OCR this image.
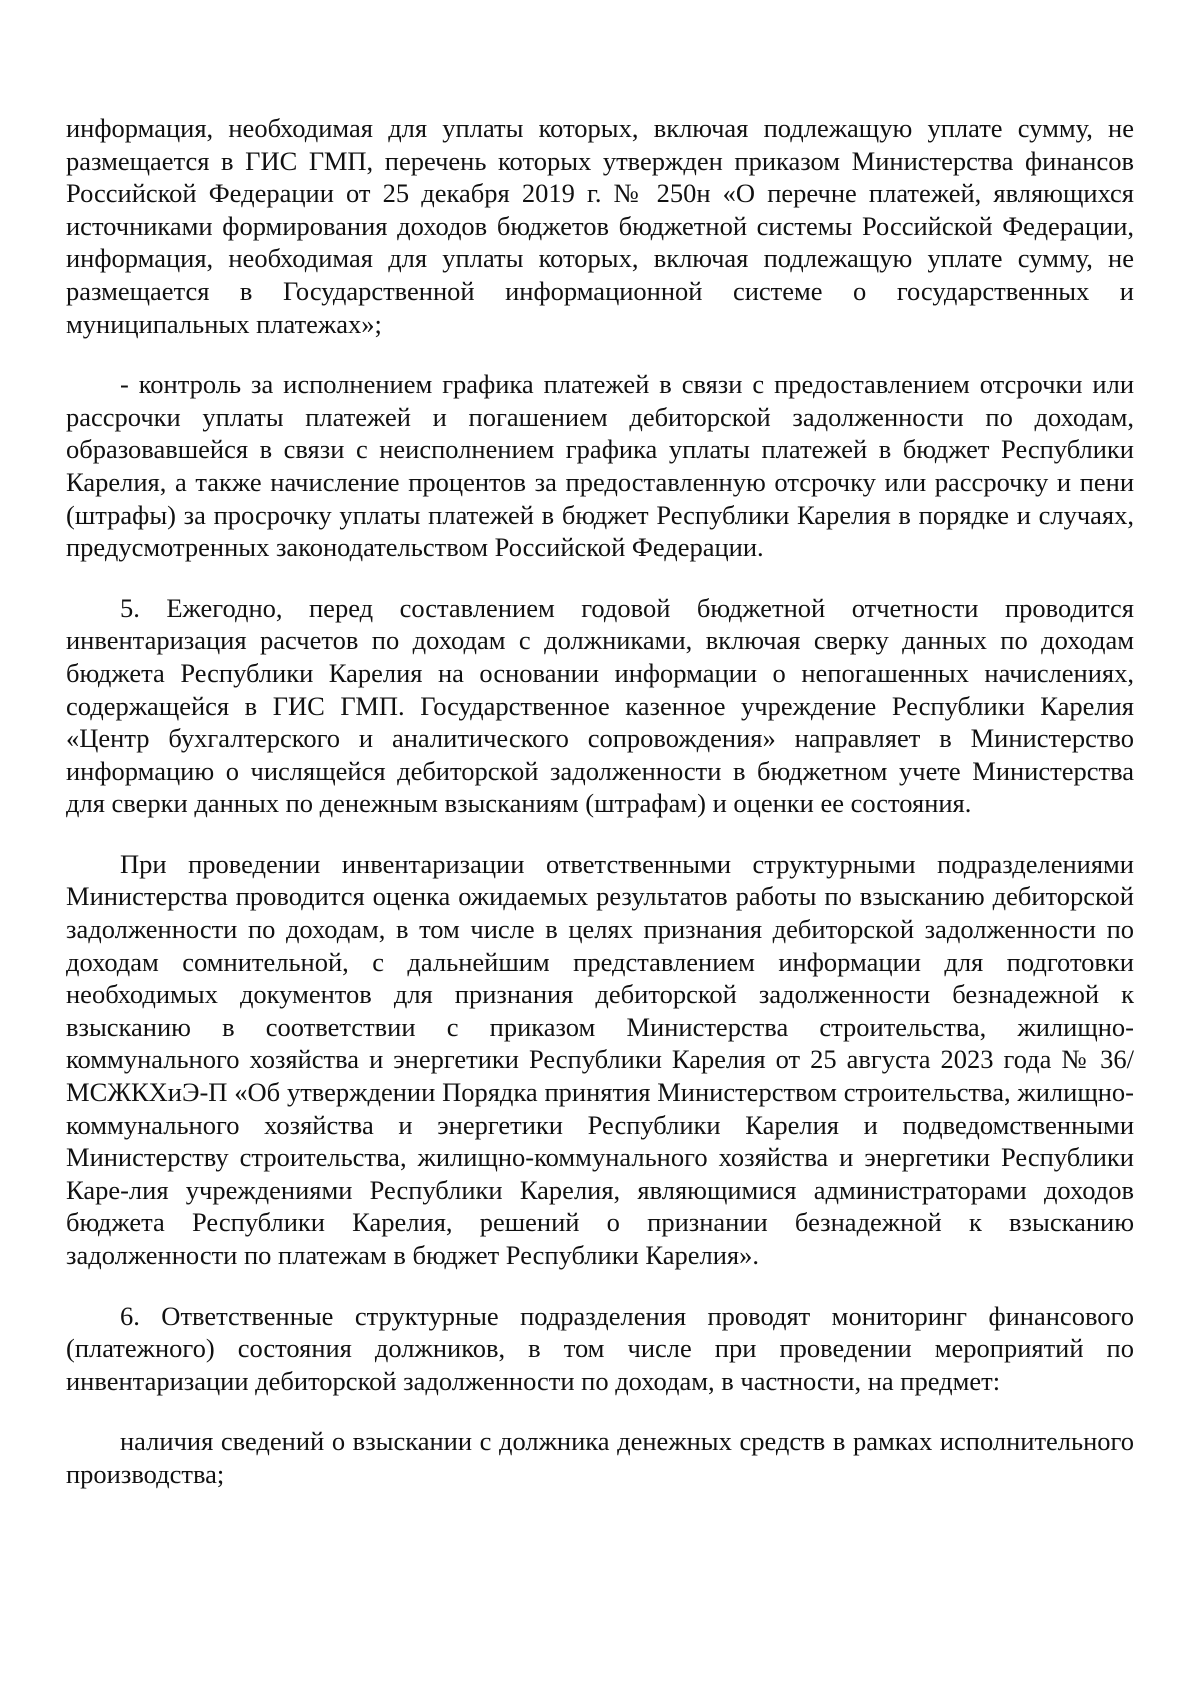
информация, необходимая для уплаты которых, включая подлежащую уплате сумму, не размещается в ГИС ГМП, перечень которых утвержден приказом Министерства финансов Российской Федерации от 25 декабря 2019 г. № 250н «О перечне платежей, являющихся источниками формирования доходов бюджетов бюджетной системы Российской Федерации, информация, необходимая для уплаты которых, включая подлежащую уплате сумму, не размещается в Государственной информационной системе о государственных и муниципальных платежах»;

- контроль за исполнением графика платежей в связи с предоставлением отсрочки или рассрочки уплаты платежей и погашением дебиторской задолженности по доходам, образовавшейся в связи с неисполнением графика уплаты платежей в бюджет Республики Карелия, а также начисление процентов за предоставленную отсрочку или рассрочку и пени (штрафы) за просрочку уплаты платежей в бюджет Республики Карелия в порядке и случаях, предусмотренных законодательством Российской Федерации.

5. Ежегодно, перед составлением годовой бюджетной отчетности проводится инвентаризация расчетов по доходам с должниками, включая сверку данных по доходам бюджета Республики Карелия на основании информации о непогашенных начислениях, содержащейся в ГИС ГМП. Государственное казенное учреждение Республики Карелия «Центр бухгалтерского и аналитического сопровождения» направляет в Министерство информацию о числящейся дебиторской задолженности в бюджетном учете Министерства для сверки данных по денежным взысканиям (штрафам) и оценки ее состояния.

При проведении инвентаризации ответственными структурными подразделениями Министерства проводится оценка ожидаемых результатов работы по взысканию дебиторской задолженности по доходам, в том числе в целях признания дебиторской задолженности по доходам сомнительной, с дальнейшим представлением информации для подготовки необходимых документов для признания дебиторской задолженности безнадежной к взысканию в соответствии с приказом Министерства строительства, жилищно-коммунального хозяйства и энергетики Республики Карелия от 25 августа 2023 года № 36/МСЖКХиЭ-П «Об утверждении Порядка принятия Министерством строительства, жилищно-коммунального хозяйства и энергетики Республики Карелия и подведомственными Министерству строительства, жилищно-коммунального хозяйства и энергетики Республики Каре-лия учреждениями Республики Карелия, являющимися администраторами доходов бюджета Республики Карелия, решений о признании безнадежной к взысканию задолженности по платежам в бюджет Республики Карелия».

6. Ответственные структурные подразделения проводят мониторинг финансового (платежного) состояния должников, в том числе при проведении мероприятий по инвентаризации дебиторской задолженности по доходам, в частности, на предмет:

наличия сведений о взыскании с должника денежных средств в рамках исполнительного производства;
